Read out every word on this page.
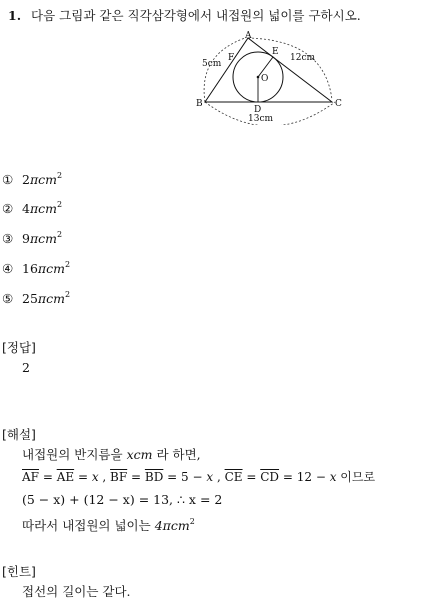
1. 다음 그림과 같은 직각삼각형에서 내접원의 넓이를 구하시오.
A
B	C
D
E
F
O
5cm
12cm
13cm
① 2πcm$^2$
② 4πcm$^2$
③ 9πcm$^2$
④ 16πcm$^2$
⑤ 25πcm$^2$
[정답]
2
[해설]
내접원의 반지름을 xcm 라 하면,
$\overline{AF} = \overline{AE} = x$ , $\overline{BF} = \overline{BD} = 5 - x$ , $\overline{CE} = \overline{CD} = 12 - x$ 이므로
(5 − x) + (12 − x) = 13, ∴ x = 2
따라서 내접원의 넓이는 4πcm$^2$
[힌트]
접선의 길이는 같다.
